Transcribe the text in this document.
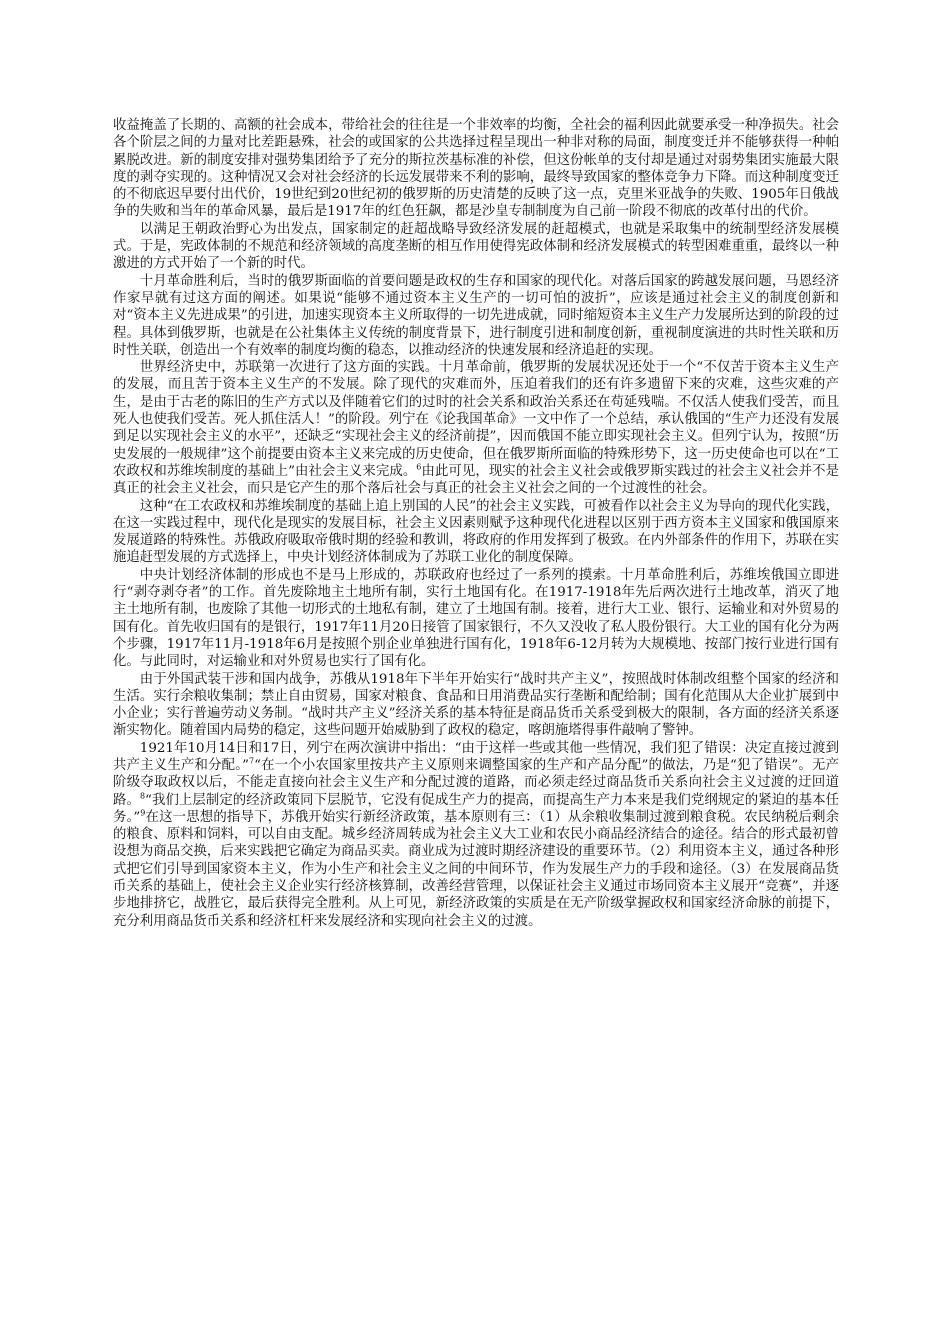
收益掩盖了长期的、高额的社会成本，带给社会的往往是一个非效率的均衡，全社会的福利因此就要承受一种净损失。社会各个阶层之间的力量对比差距悬殊，社会的或国家的公共选择过程呈现出一种非对称的局面，制度变迁并不能够获得一种帕累脱改进。新的制度安排对强势集团给予了充分的斯拉茨基标准的补偿，但这份帐单的支付却是通过对弱势集团实施最大限度的剥夺实现的。这种情况又会对社会经济的长远发展带来不利的影响，最终导致国家的整体竞争力下降。而这种制度变迁的不彻底迟早要付出代价，19世纪到20世纪初的俄罗斯的历史清楚的反映了这一点，克里米亚战争的失败、1905年日俄战争的失败和当年的革命风暴，最后是1917年的红色狂飙，都是沙皇专制制度为自己前一阶段不彻底的改革付出的代价。

以满足王朝政治野心为出发点，国家制定的赶超战略导致经济发展的赶超模式，也就是采取集中的统制型经济发展模式。于是，宪政体制的不规范和经济领域的高度垄断的相互作用使得宪政体制和经济发展模式的转型困难重重，最终以一种激进的方式开始了一个新的时代。

十月革命胜利后，当时的俄罗斯面临的首要问题是政权的生存和国家的现代化。对落后国家的跨越发展问题，马恩经济作家早就有过这方面的阐述。如果说“能够不通过资本主义生产的一切可怕的波折”，应该是通过社会主义的制度创新和对“资本主义先进成果”的引进，加速实现资本主义所取得的一切先进成就，同时缩短资本主义生产力发展所达到的阶段的过程。具体到俄罗斯，也就是在公社集体主义传统的制度背景下，进行制度引进和制度创新，重视制度演进的共时性关联和历时性关联，创造出一个有效率的制度均衡的稳态，以推动经济的快速发展和经济追赶的实现。

世界经济史中，苏联第一次进行了这方面的实践。十月革命前，俄罗斯的发展状况还处于一个“不仅苦于资本主义生产的发展，而且苦于资本主义生产的不发展。除了现代的灾难而外，压迫着我们的还有许多遗留下来的灾难，这些灾难的产生，是由于古老的陈旧的生产方式以及伴随着它们的过时的社会关系和政治关系还在苟延残喘。不仅活人使我们受苦，而且死人也使我们受苦。死人抓住活人！”的阶段。列宁在《论我国革命》一文中作了一个总结，承认俄国的“生产力还没有发展到足以实现社会主义的水平”，还缺乏“实现社会主义的经济前提”，因而俄国不能立即实现社会主义。但列宁认为，按照“历史发展的一般规律”这个前提要由资本主义来完成的历史使命，但在俄罗斯所面临的特殊形势下，这一历史使命也可以在“工农政权和苏维埃制度的基础上”由社会主义来完成。$^6$由此可见，现实的社会主义社会或俄罗斯实践过的社会主义社会并不是真正的社会主义社会，而只是它产生的那个落后社会与真正的社会主义社会之间的一个过渡性的社会。

这种“在工农政权和苏维埃制度的基础上追上别国的人民”的社会主义实践，可被看作以社会主义为导向的现代化实践，在这一实践过程中，现代化是现实的发展目标，社会主义因素则赋予这种现代化进程以区别于西方资本主义国家和俄国原来发展道路的特殊性。苏俄政府吸取帝俄时期的经验和教训，将政府的作用发挥到了极致。在内外部条件的作用下，苏联在实施追赶型发展的方式选择上，中央计划经济体制成为了苏联工业化的制度保障。

中央计划经济体制的形成也不是马上形成的，苏联政府也经过了一系列的摸索。十月革命胜利后，苏维埃俄国立即进行“剥夺剥夺者”的工作。首先废除地主土地所有制，实行土地国有化。在1917-1918年先后两次进行土地改革，消灭了地主土地所有制，也废除了其他一切形式的土地私有制，建立了土地国有制。接着，进行大工业、银行、运输业和对外贸易的国有化。首先收归国有的是银行，1917年11月20日接管了国家银行，不久又没收了私人股份银行。大工业的国有化分为两个步骤，1917年11月-1918年6月是按照个别企业单独进行国有化，1918年6-12月转为大规模地、按部门按行业进行国有化。与此同时，对运输业和对外贸易也实行了国有化。

由于外国武装干涉和国内战争，苏俄从1918年下半年开始实行“战时共产主义”，按照战时体制改组整个国家的经济和生活。实行余粮收集制；禁止自由贸易，国家对粮食、食品和日用消费品实行垄断和配给制；国有化范围从大企业扩展到中小企业；实行普遍劳动义务制。“战时共产主义”经济关系的基本特征是商品货币关系受到极大的限制，各方面的经济关系逐渐实物化。随着国内局势的稳定，这些问题开始威胁到了政权的稳定，喀朗施塔得事件敲响了警钟。

1921年10月14日和17日，列宁在两次演讲中指出：“由于这样一些或其他一些情况，我们犯了错误：决定直接过渡到共产主义生产和分配。”$^7$“在一个小农国家里按共产主义原则来调整国家的生产和产品分配”的做法，乃是“犯了错误”。无产阶级夺取政权以后，不能走直接向社会主义生产和分配过渡的道路，而必须走经过商品货币关系向社会主义过渡的迂回道路。$^8$“我们上层制定的经济政策同下层脱节，它没有促成生产力的提高，而提高生产力本来是我们党纲规定的紧迫的基本任务。”$^9$在这一思想的指导下，苏俄开始实行新经济政策，基本原则有三：（1）从余粮收集制过渡到粮食税。农民纳税后剩余的粮食、原料和饲料，可以自由支配。城乡经济周转成为社会主义大工业和农民小商品经济结合的途径。结合的形式最初曾设想为商品交换，后来实践把它确定为商品买卖。商业成为过渡时期经济建设的重要环节。（2）利用资本主义，通过各种形式把它们引导到国家资本主义，作为小生产和社会主义之间的中间环节，作为发展生产力的手段和途径。（3）在发展商品货币关系的基础上，使社会主义企业实行经济核算制，改善经营管理，以保证社会主义通过市场同资本主义展开“竞赛”，并逐步地排挤它，战胜它，最后获得完全胜利。从上可见，新经济政策的实质是在无产阶级掌握政权和国家经济命脉的前提下，充分利用商品货币关系和经济杠杆来发展经济和实现向社会主义的过渡。
